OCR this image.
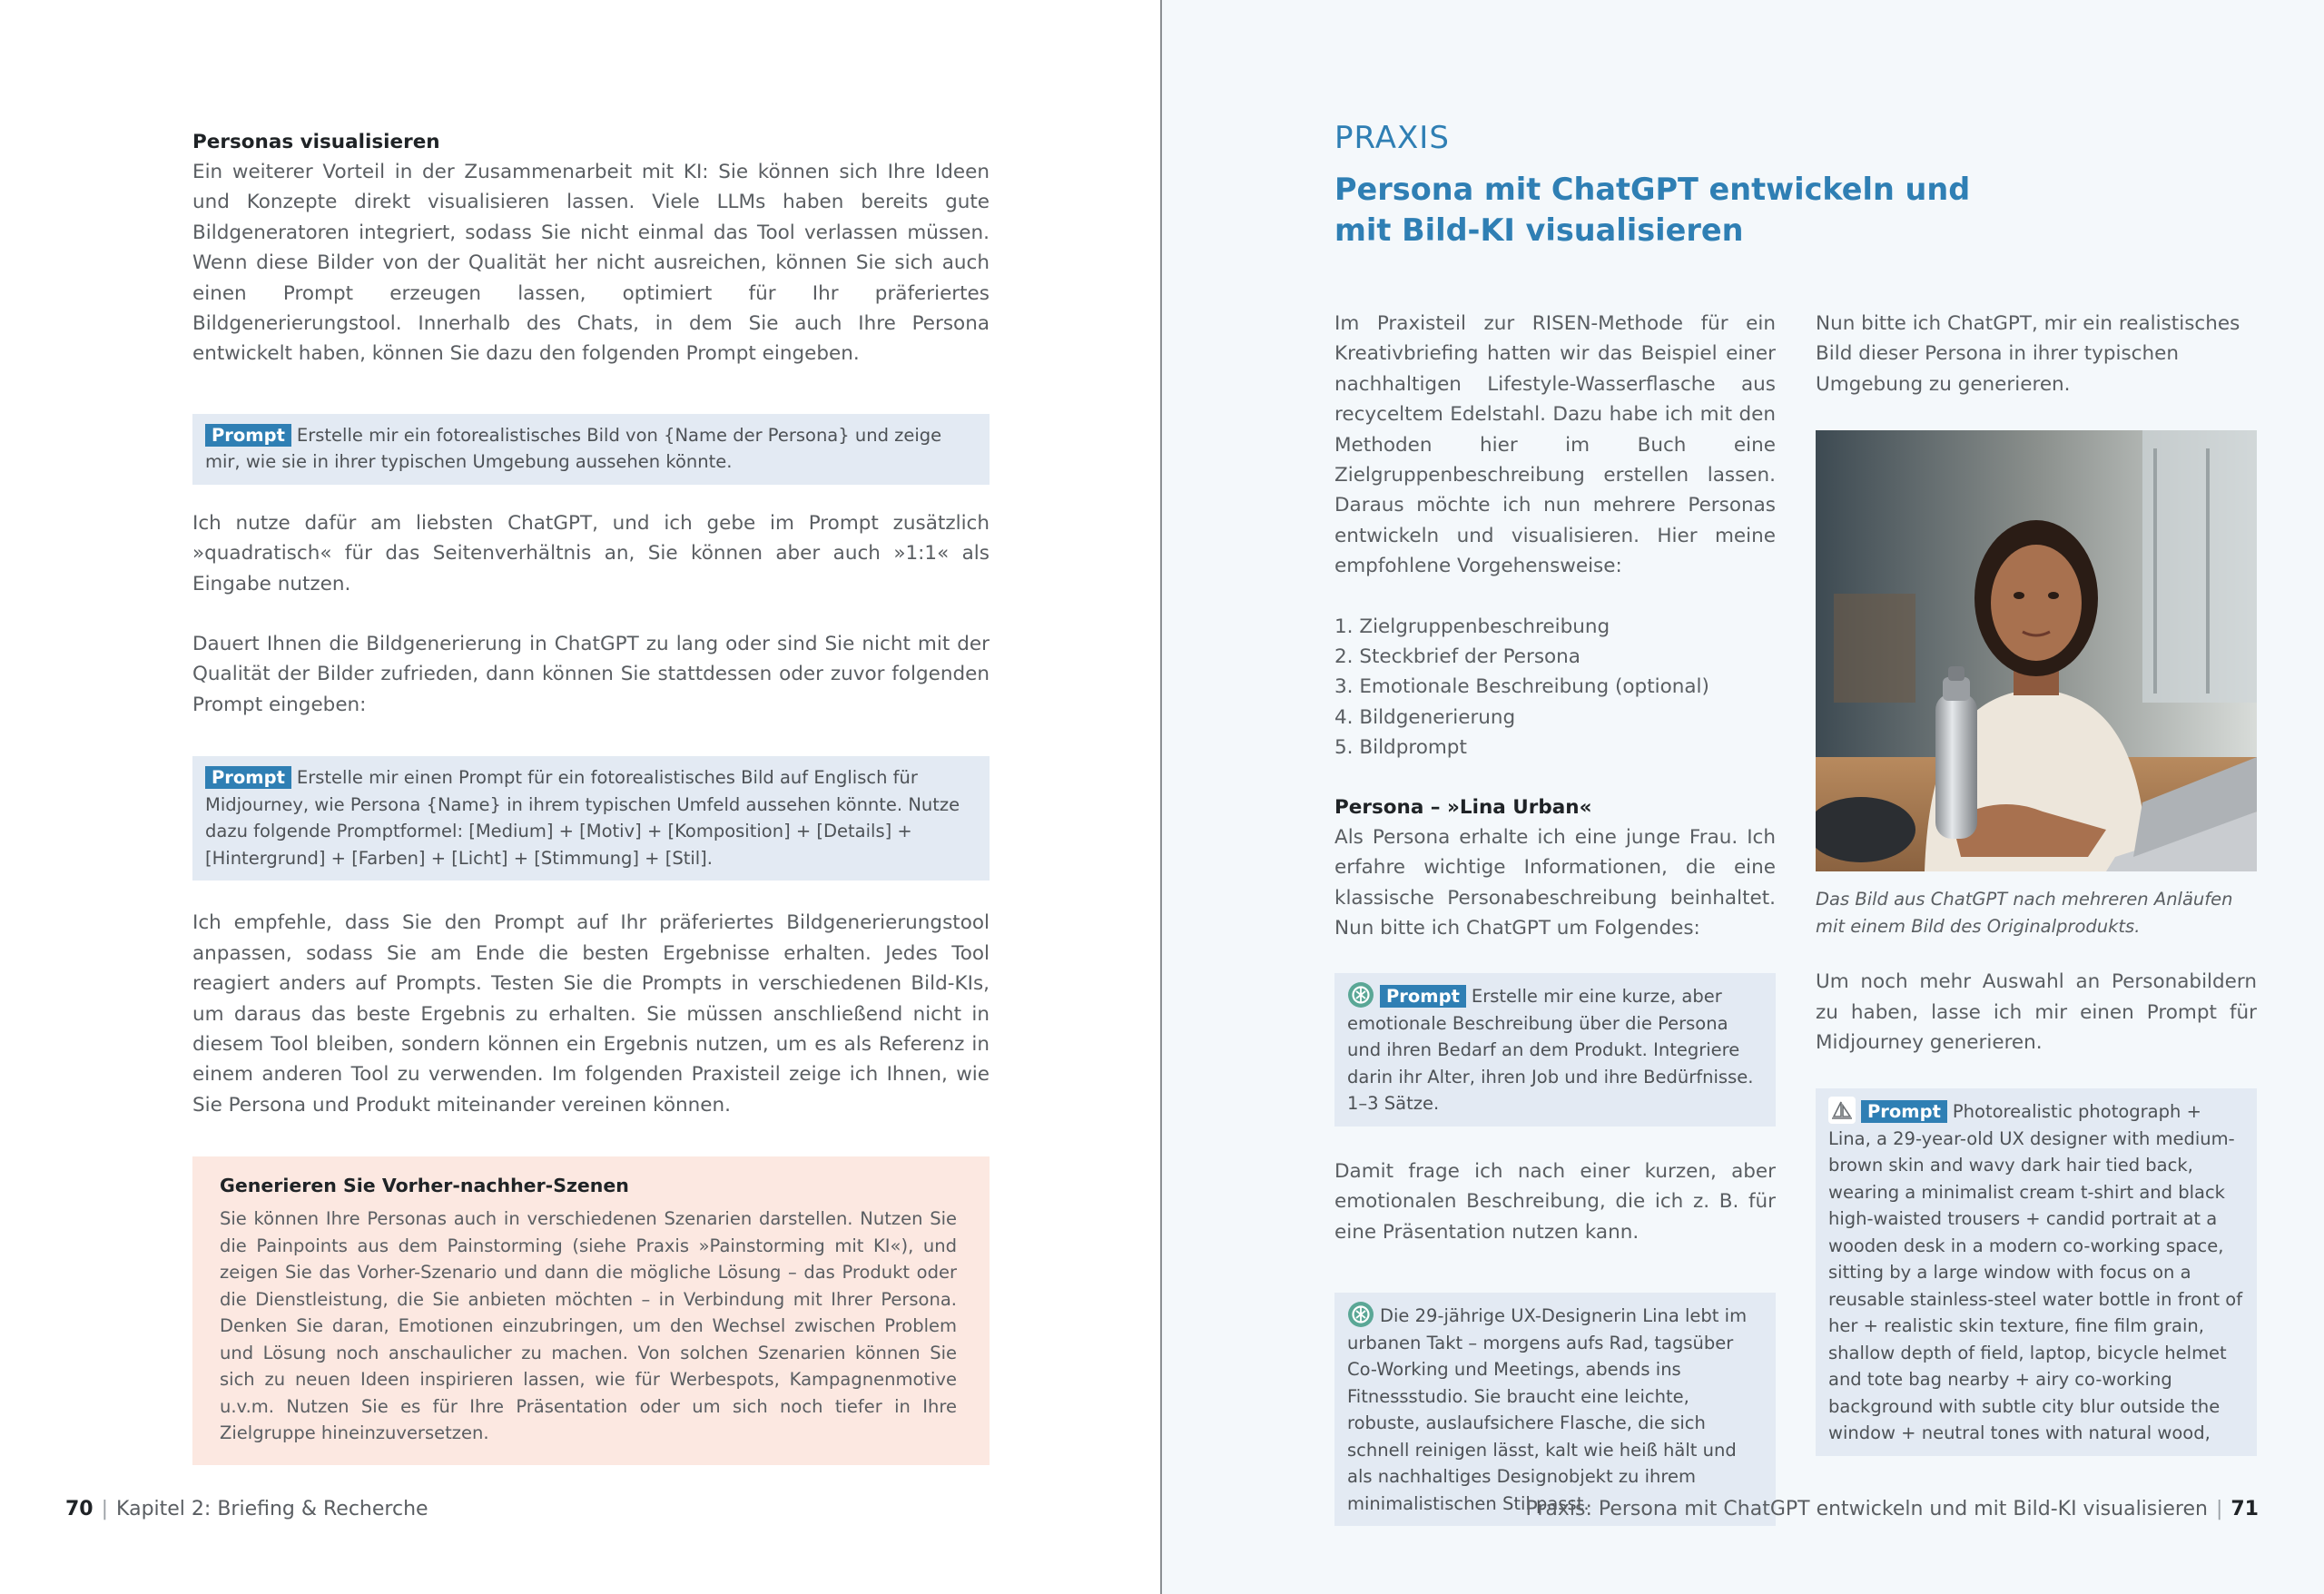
Personas visualisieren

Ein weiterer Vorteil in der Zusammenarbeit mit KI: Sie können sich Ihre Ideen und Konzepte direkt visualisieren lassen. Viele LLMs haben bereits gute Bildgeneratoren integriert, sodass Sie nicht einmal das Tool verlassen müssen. Wenn diese Bilder von der Qualität her nicht ausreichen, können Sie sich auch einen Prompt erzeugen lassen, optimiert für Ihr präferiertes Bildgenerierungstool. Innerhalb des Chats, in dem Sie auch Ihre Persona entwickelt haben, können Sie dazu den folgenden Prompt eingeben.

Prompt Erstelle mir ein fotorealistisches Bild von {Name der Persona} und zeige mir, wie sie in ihrer typischen Umgebung aussehen könnte.

Ich nutze dafür am liebsten ChatGPT, und ich gebe im Prompt zusätzlich »quadratisch« für das Seitenverhältnis an, Sie können aber auch »1:1« als Eingabe nutzen.

Dauert Ihnen die Bildgenerierung in ChatGPT zu lang oder sind Sie nicht mit der Qualität der Bilder zufrieden, dann können Sie stattdessen oder zuvor folgenden Prompt eingeben:

Prompt Erstelle mir einen Prompt für ein fotorealistisches Bild auf Englisch für Midjourney, wie Persona {Name} in ihrem typischen Umfeld aussehen könnte. Nutze dazu folgende Promptformel: [Medium] + [Motiv] + [Komposition] + [Details] + [Hintergrund] + [Farben] + [Licht] + [Stimmung] + [Stil].

Ich empfehle, dass Sie den Prompt auf Ihr präferiertes Bildgenerierungstool anpassen, sodass Sie am Ende die besten Ergebnisse erhalten. Jedes Tool reagiert anders auf Prompts. Testen Sie die Prompts in verschiedenen Bild-KIs, um daraus das beste Ergebnis zu erhalten. Sie müssen anschließend nicht in diesem Tool bleiben, sondern können ein Ergebnis nutzen, um es als Referenz in einem anderen Tool zu verwenden. Im folgenden Praxisteil zeige ich Ihnen, wie Sie Persona und Produkt miteinander vereinen können.

Generieren Sie Vorher-nachher-Szenen

Sie können Ihre Personas auch in verschiedenen Szenarien darstellen. Nutzen Sie die Painpoints aus dem Painstorming (siehe Praxis »Painstorming mit KI«), und zeigen Sie das Vorher-Szenario und dann die mögliche Lösung – das Produkt oder die Dienstleistung, die Sie anbieten möchten – in Verbindung mit Ihrer Persona. Denken Sie daran, Emotionen einzubringen, um den Wechsel zwischen Problem und Lösung noch anschaulicher zu machen. Von solchen Szenarien können Sie sich zu neuen Ideen inspirieren lassen, wie für Werbespots, Kampagnenmotive u.v.m. Nutzen Sie es für Ihre Präsentation oder um sich noch tiefer in Ihre Zielgruppe hineinzuversetzen.

70 | Kapitel 2: Briefing & Recherche
PRAXIS
Persona mit ChatGPT entwickeln und mit Bild-KI visualisieren

Im Praxisteil zur RISEN-Methode für ein Kreativbriefing hatten wir das Beispiel einer nachhaltigen Lifestyle-Wasserflasche aus recyceltem Edelstahl. Dazu habe ich mit den Methoden hier im Buch eine Zielgruppenbeschreibung erstellen lassen. Daraus möchte ich nun mehrere Personas entwickeln und visualisieren. Hier meine empfohlene Vorgehensweise:

1. Zielgruppenbeschreibung
2. Steckbrief der Persona
3. Emotionale Beschreibung (optional)
4. Bildgenerierung
5. Bildprompt
Persona – »Lina Urban«

Als Persona erhalte ich eine junge Frau. Ich erfahre wichtige Informationen, die eine klassische Personabeschreibung beinhaltet. Nun bitte ich ChatGPT um Folgendes:

Prompt Erstelle mir eine kurze, aber emotionale Beschreibung über die Persona und ihren Bedarf an dem Produkt. Integriere darin ihr Alter, ihren Job und ihre Bedürfnisse. 1–3 Sätze.

Damit frage ich nach einer kurzen, aber emotionalen Beschreibung, die ich z. B. für eine Präsentation nutzen kann.

Die 29-jährige UX-Designerin Lina lebt im urbanen Takt – morgens aufs Rad, tagsüber Co-Working und Meetings, abends ins Fitnessstudio. Sie braucht eine leichte, robuste, auslaufsichere Flasche, die sich schnell reinigen lässt, kalt wie heiß hält und als nachhaltiges Designobjekt zu ihrem minimalistischen Stil passt.

Nun bitte ich ChatGPT, mir ein realistisches Bild dieser Persona in ihrer typischen Umgebung zu generieren.

Das Bild aus ChatGPT nach mehreren Anläufen mit einem Bild des Originalprodukts.

Um noch mehr Auswahl an Personabildern zu haben, lasse ich mir einen Prompt für Midjourney generieren.

Prompt Photorealistic photograph + Lina, a 29-year-old UX designer with medium-brown skin and wavy dark hair tied back, wearing a minimalist cream t-shirt and black high-waisted trousers + candid portrait at a wooden desk in a modern co-working space, sitting by a large window with focus on a reusable stainless-steel water bottle in front of her + realistic skin texture, fine film grain, shallow depth of field, laptop, bicycle helmet and tote bag nearby + airy co-working background with subtle city blur outside the window + neutral tones with natural wood,
Praxis: Persona mit ChatGPT entwickeln und mit Bild-KI visualisieren | 71
